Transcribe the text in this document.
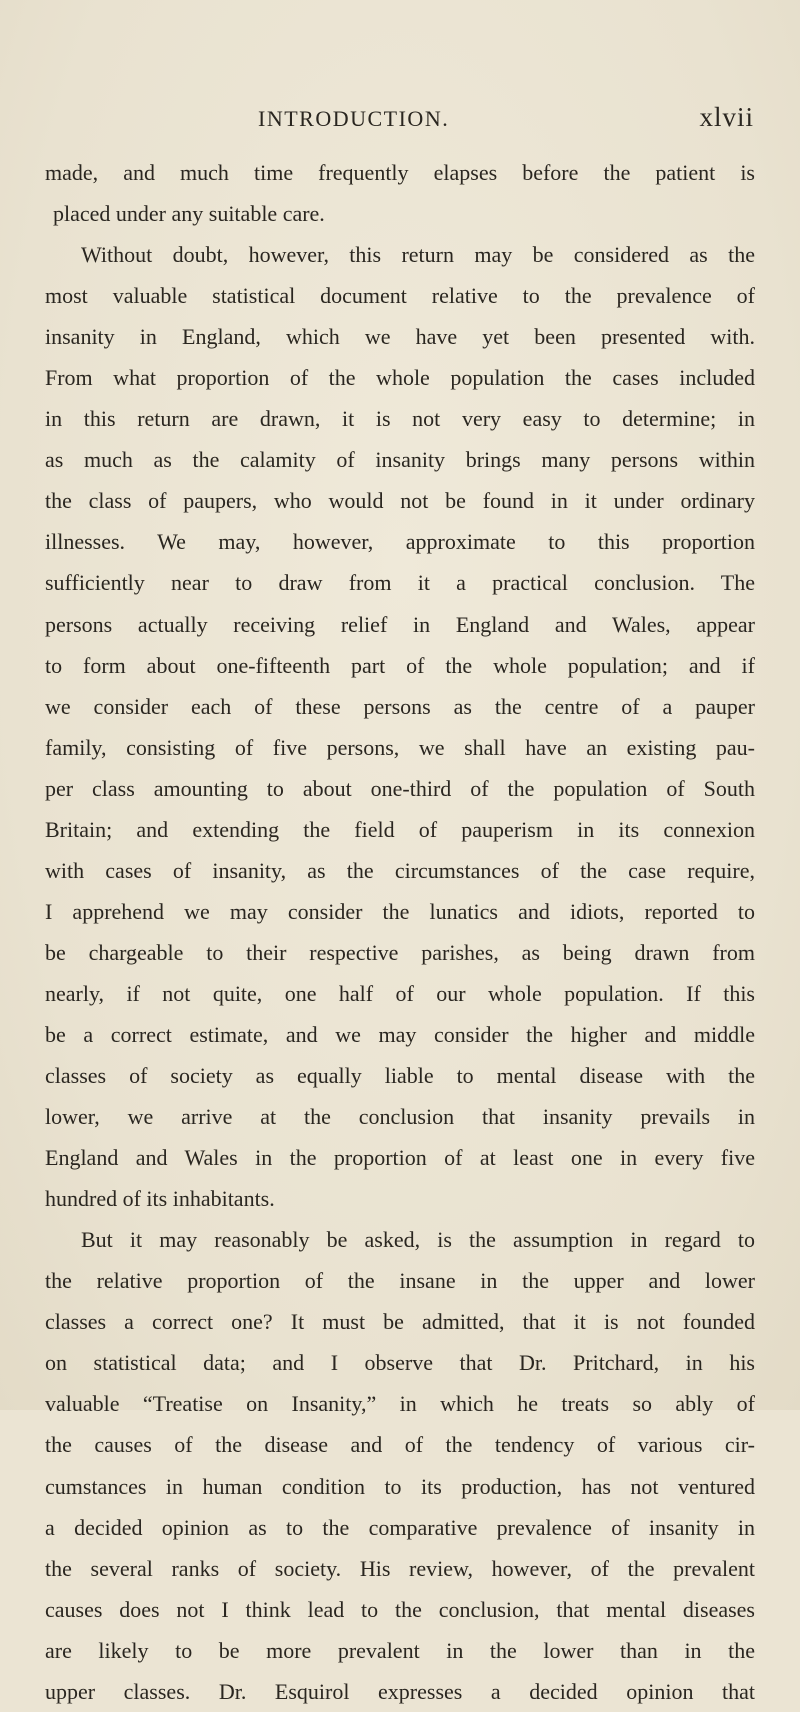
INTRODUCTION.	xlvii
made, and much time frequently elapses before the patient is
placed under any suitable care.
Without doubt, however, this return may be considered as the
most valuable statistical document relative to the prevalence of
insanity in England, which we have yet been presented with.
From what proportion of the whole population the cases included
in this return are drawn, it is not very easy to determine; in
as much as the calamity of insanity brings many persons within
the class of paupers, who would not be found in it under ordinary
illnesses. We may, however, approximate to this proportion
sufficiently near to draw from it a practical conclusion. The
persons actually receiving relief in England and Wales, appear
to form about one-fifteenth part of the whole population; and if
we consider each of these persons as the centre of a pauper
family, consisting of five persons, we shall have an existing pau-
per class amounting to about one-third of the population of South
Britain; and extending the field of pauperism in its connexion
with cases of insanity, as the circumstances of the case require,
I apprehend we may consider the lunatics and idiots, reported to
be chargeable to their respective parishes, as being drawn from
nearly, if not quite, one half of our whole population. If this
be a correct estimate, and we may consider the higher and middle
classes of society as equally liable to mental disease with the
lower, we arrive at the conclusion that insanity prevails in
England and Wales in the proportion of at least one in every five
hundred of its inhabitants.
But it may reasonably be asked, is the assumption in regard to
the relative proportion of the insane in the upper and lower
classes a correct one? It must be admitted, that it is not founded
on statistical data; and I observe that Dr. Pritchard, in his
valuable “Treatise on Insanity,” in which he treats so ably of
the causes of the disease and of the tendency of various cir-
cumstances in human condition to its production, has not ventured
a decided opinion as to the comparative prevalence of insanity in
the several ranks of society. His review, however, of the prevalent
causes does not I think lead to the conclusion, that mental diseases
are likely to be more prevalent in the lower than in the
upper classes. Dr. Esquirol expresses a decided opinion that
